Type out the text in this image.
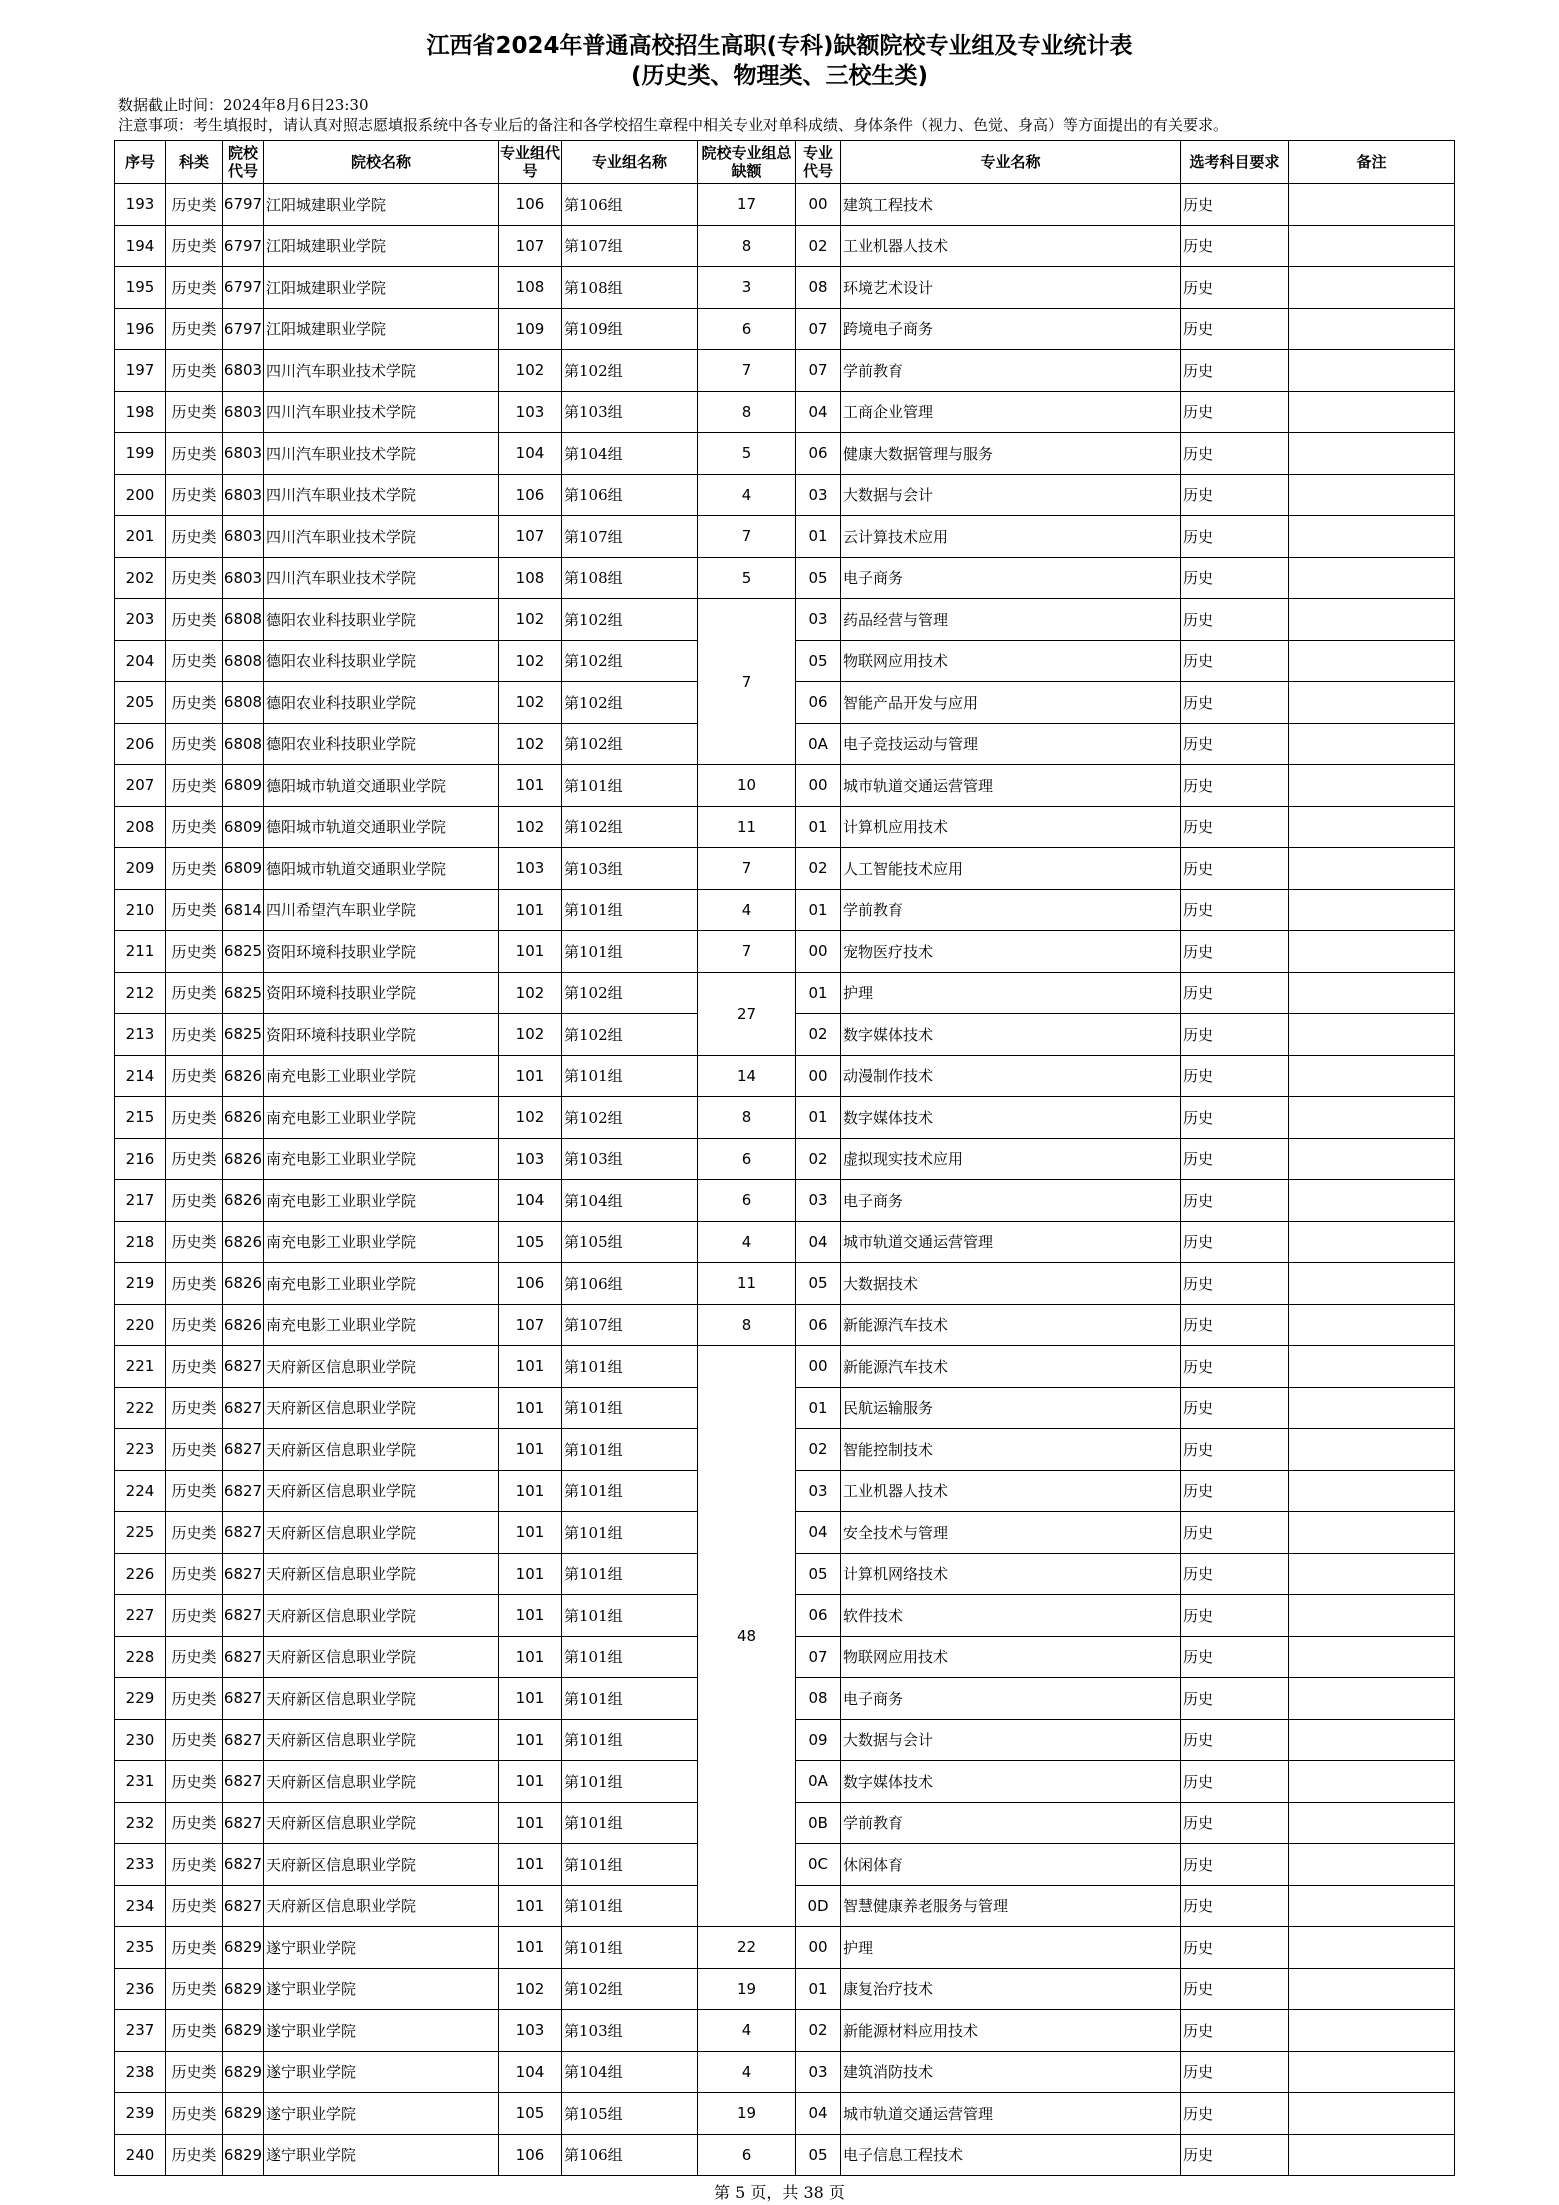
江西省2024年普通高校招生高职(专科)缺额院校专业组及专业统计表
(历史类、物理类、三校生类)
数据截止时间：2024年8月6日23:30
注意事项：考生填报时，请认真对照志愿填报系统中各专业后的备注和各学校招生章程中相关专业对单科成绩、身体条件（视力、色觉、身高）等方面提出的有关要求。
序号	科类	院校代号	院校名称	专业组代号	专业组名称	院校专业组总缺额	专业代号	专业名称	选考科目要求	备注
193	历史类	6797	江阳城建职业学院	106	第106组	17	00	建筑工程技术	历史	
194	历史类	6797	江阳城建职业学院	107	第107组	8	02	工业机器人技术	历史	
195	历史类	6797	江阳城建职业学院	108	第108组	3	08	环境艺术设计	历史	
196	历史类	6797	江阳城建职业学院	109	第109组	6	07	跨境电子商务	历史	
197	历史类	6803	四川汽车职业技术学院	102	第102组	7	07	学前教育	历史	
198	历史类	6803	四川汽车职业技术学院	103	第103组	8	04	工商企业管理	历史	
199	历史类	6803	四川汽车职业技术学院	104	第104组	5	06	健康大数据管理与服务	历史	
200	历史类	6803	四川汽车职业技术学院	106	第106组	4	03	大数据与会计	历史	
201	历史类	6803	四川汽车职业技术学院	107	第107组	7	01	云计算技术应用	历史	
202	历史类	6803	四川汽车职业技术学院	108	第108组	5	05	电子商务	历史	
203	历史类	6808	德阳农业科技职业学院	102	第102组	7	03	药品经营与管理	历史	
204	历史类	6808	德阳农业科技职业学院	102	第102组		05	物联网应用技术	历史	
205	历史类	6808	德阳农业科技职业学院	102	第102组		06	智能产品开发与应用	历史	
206	历史类	6808	德阳农业科技职业学院	102	第102组		0A	电子竞技运动与管理	历史	
207	历史类	6809	德阳城市轨道交通职业学院	101	第101组	10	00	城市轨道交通运营管理	历史	
208	历史类	6809	德阳城市轨道交通职业学院	102	第102组	11	01	计算机应用技术	历史	
209	历史类	6809	德阳城市轨道交通职业学院	103	第103组	7	02	人工智能技术应用	历史	
210	历史类	6814	四川希望汽车职业学院	101	第101组	4	01	学前教育	历史	
211	历史类	6825	资阳环境科技职业学院	101	第101组	7	00	宠物医疗技术	历史	
212	历史类	6825	资阳环境科技职业学院	102	第102组	27	01	护理	历史	
213	历史类	6825	资阳环境科技职业学院	102	第102组		02	数字媒体技术	历史	
214	历史类	6826	南充电影工业职业学院	101	第101组	14	00	动漫制作技术	历史	
215	历史类	6826	南充电影工业职业学院	102	第102组	8	01	数字媒体技术	历史	
216	历史类	6826	南充电影工业职业学院	103	第103组	6	02	虚拟现实技术应用	历史	
217	历史类	6826	南充电影工业职业学院	104	第104组	6	03	电子商务	历史	
218	历史类	6826	南充电影工业职业学院	105	第105组	4	04	城市轨道交通运营管理	历史	
219	历史类	6826	南充电影工业职业学院	106	第106组	11	05	大数据技术	历史	
220	历史类	6826	南充电影工业职业学院	107	第107组	8	06	新能源汽车技术	历史	
221	历史类	6827	天府新区信息职业学院	101	第101组	48	00	新能源汽车技术	历史	
222	历史类	6827	天府新区信息职业学院	101	第101组		01	民航运输服务	历史	
223	历史类	6827	天府新区信息职业学院	101	第101组		02	智能控制技术	历史	
224	历史类	6827	天府新区信息职业学院	101	第101组		03	工业机器人技术	历史	
225	历史类	6827	天府新区信息职业学院	101	第101组		04	安全技术与管理	历史	
226	历史类	6827	天府新区信息职业学院	101	第101组		05	计算机网络技术	历史	
227	历史类	6827	天府新区信息职业学院	101	第101组		06	软件技术	历史	
228	历史类	6827	天府新区信息职业学院	101	第101组		07	物联网应用技术	历史	
229	历史类	6827	天府新区信息职业学院	101	第101组		08	电子商务	历史	
230	历史类	6827	天府新区信息职业学院	101	第101组		09	大数据与会计	历史	
231	历史类	6827	天府新区信息职业学院	101	第101组		0A	数字媒体技术	历史	
232	历史类	6827	天府新区信息职业学院	101	第101组		0B	学前教育	历史	
233	历史类	6827	天府新区信息职业学院	101	第101组		0C	休闲体育	历史	
234	历史类	6827	天府新区信息职业学院	101	第101组		0D	智慧健康养老服务与管理	历史	
235	历史类	6829	遂宁职业学院	101	第101组	22	00	护理	历史	
236	历史类	6829	遂宁职业学院	102	第102组	19	01	康复治疗技术	历史	
237	历史类	6829	遂宁职业学院	103	第103组	4	02	新能源材料应用技术	历史	
238	历史类	6829	遂宁职业学院	104	第104组	4	03	建筑消防技术	历史	
239	历史类	6829	遂宁职业学院	105	第105组	19	04	城市轨道交通运营管理	历史	
240	历史类	6829	遂宁职业学院	106	第106组	6	05	电子信息工程技术	历史	
第 5 页，共 38 页
